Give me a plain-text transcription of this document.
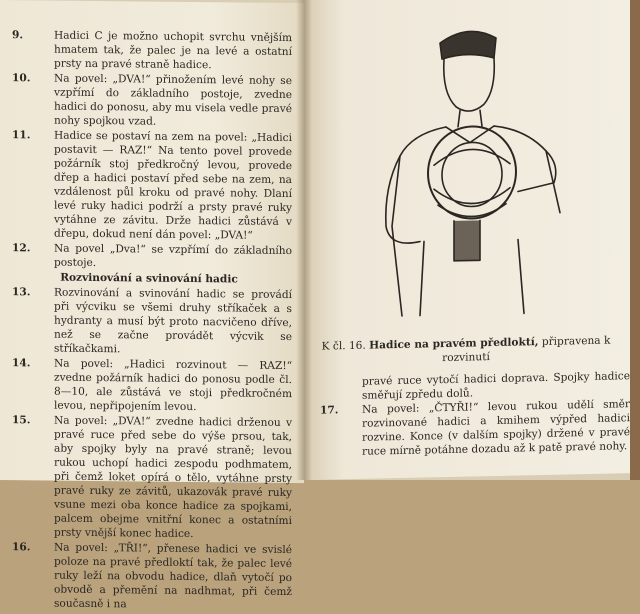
9.	Hadici C je možno uchopit svrchu vnějším hmatem tak, že palec je na levé a ostatní prsty na pravé straně hadice.
10. Na povel: „DVA!“ přinožením levé nohy se vzpřímí do základního postoje, zvedne hadici do ponosu, aby mu visela vedle pravé nohy spojkou vzad.
11. Hadice se postaví na zem na povel: „Hadici postavit — RAZ!“ Na tento povel provede požárník stoj předkročný levou, provede dřep a hadici postaví před sebe na zem, na vzdálenost půl kroku od pravé nohy. Dlaní levé ruky hadici podrží a prsty pravé ruky vytáhne ze závitu. Drže hadici zůstává v dřepu, dokud není dán povel: „DVA!“
12. Na povel „Dva!“ se vzpřímí do základního postoje.
Rozvinování a svinování hadic
13. Rozvinování a svinování hadic se provádí při výcviku se všemi druhy stříkaček a s hydranty a musí být proto nacvičeno dříve, než se začne provádět výcvik se stříkačkami.
14. Na povel: „Hadici rozvinout — RAZ!“ zvedne požárník hadici do ponosu podle čl. 8—10, ale zůstává ve stoji předkročném levou, nepřipojením levou.
15. Na povel: „DVA!“ zvedne hadici drženou v pravé ruce před sebe do výše prsou, tak, aby spojky byly na pravé straně; levou rukou uchopí hadici zespodu podhmatem, při čemž loket opírá o tělo, vytáhne prsty pravé ruky ze závitů, ukazovák pravé ruky vsune mezi oba konce hadice za spojkami, palcem obejme vnitřní konec a ostatními prsty vnější konec hadice.
16. Na povel: „TŘI!“, přenese hadici ve svislé poloze na pravé předloktí tak, že palec levé ruky leží na obvodu hadice, dlaň vytočí po obvodě a přemění na nadhmat, při čemž současně i na
K čl. 16. Hadice na pravém předloktí, připravena k rozvinutí
pravé ruce vytočí hadici doprava. Spojky hadice směřují zpředu dolů.
17. Na povel: „ČTYŘI!“ levou rukou udělí směr rozvinované hadici a kmihem výpřed hadici rozvine. Konce (v dalším spojky) držené v pravé ruce mírně potáhne dozadu až k patě pravé nohy.
